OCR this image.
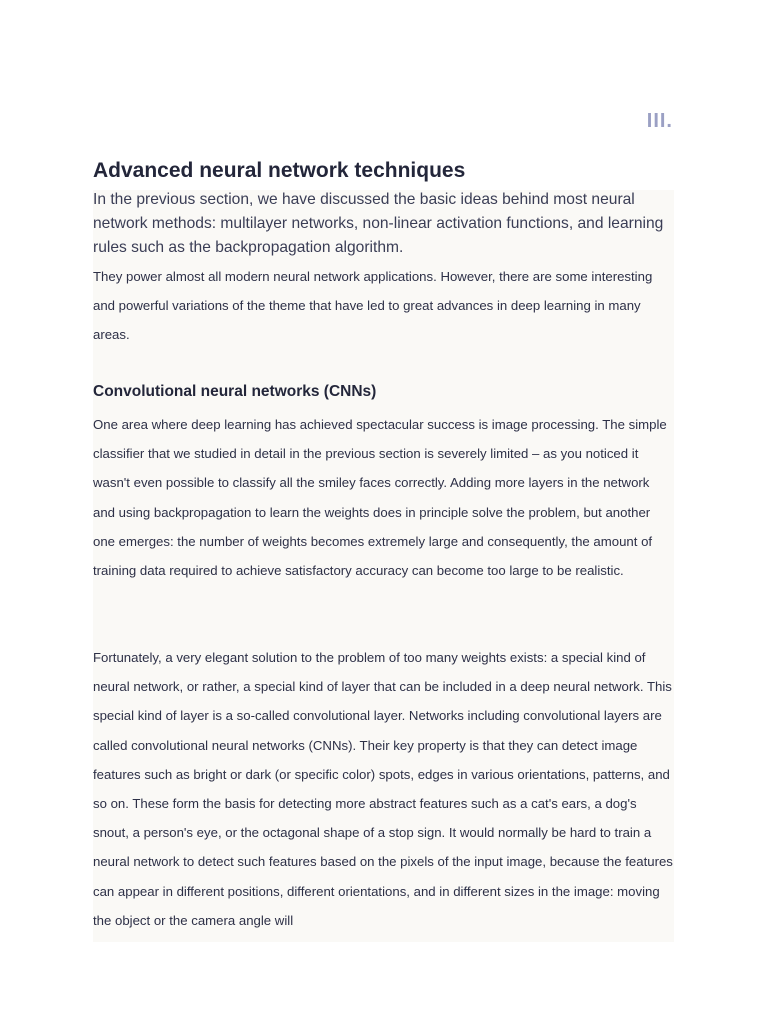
III.
Advanced neural network techniques

In the previous section, we have discussed the basic ideas behind most neural network methods: multilayer networks, non-linear activation functions, and learning rules such as the backpropagation algorithm.

They power almost all modern neural network applications. However, there are some interesting and powerful variations of the theme that have led to great advances in deep learning in many areas.

Convolutional neural networks (CNNs)

One area where deep learning has achieved spectacular success is image processing. The simple classifier that we studied in detail in the previous section is severely limited – as you noticed it wasn't even possible to classify all the smiley faces correctly. Adding more layers in the network and using backpropagation to learn the weights does in principle solve the problem, but another one emerges: the number of weights becomes extremely large and consequently, the amount of training data required to achieve satisfactory accuracy can become too large to be realistic.

Fortunately, a very elegant solution to the problem of too many weights exists: a special kind of neural network, or rather, a special kind of layer that can be included in a deep neural network. This special kind of layer is a so-called convolutional layer. Networks including convolutional layers are called convolutional neural networks (CNNs). Their key property is that they can detect image features such as bright or dark (or specific color) spots, edges in various orientations, patterns, and so on. These form the basis for detecting more abstract features such as a cat's ears, a dog's snout, a person's eye, or the octagonal shape of a stop sign. It would normally be hard to train a neural network to detect such features based on the pixels of the input image, because the features can appear in different positions, different orientations, and in different sizes in the image: moving the object or the camera angle will
